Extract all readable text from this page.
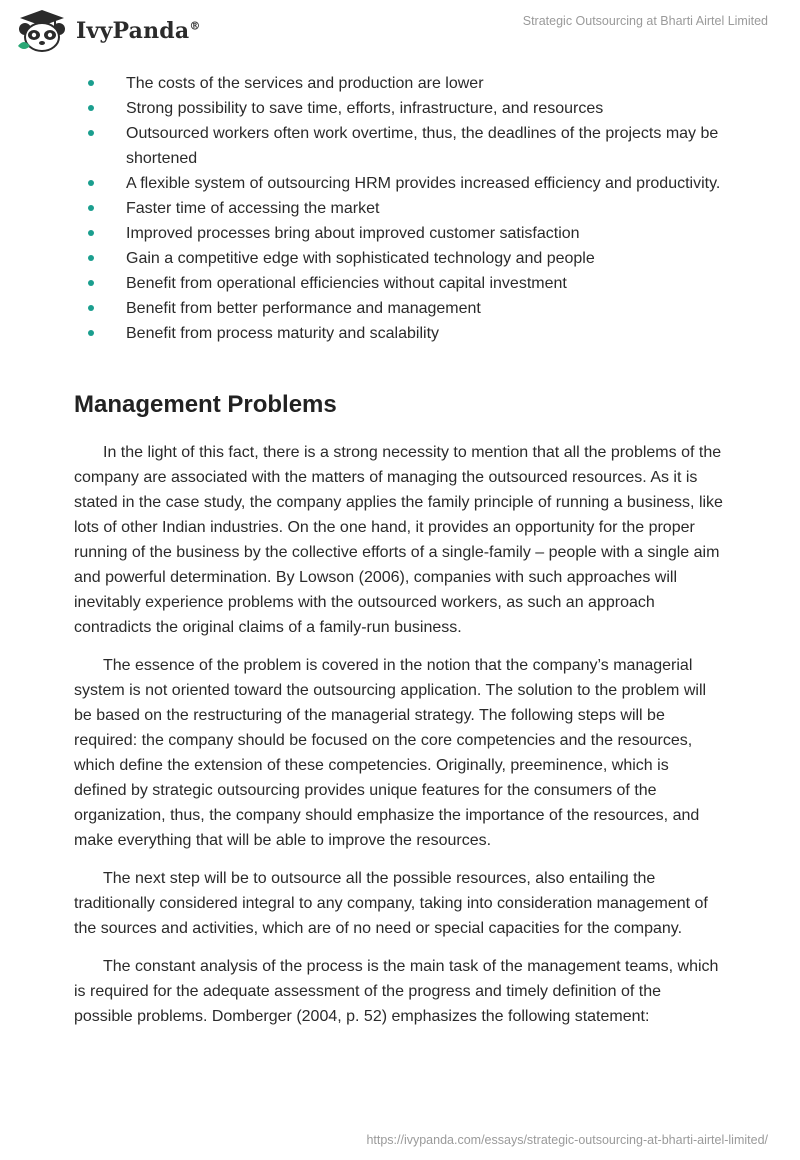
IvyPanda®	Strategic Outsourcing at Bharti Airtel Limited
The costs of the services and production are lower
Strong possibility to save time, efforts, infrastructure, and resources
Outsourced workers often work overtime, thus, the deadlines of the projects may be shortened
A flexible system of outsourcing HRM provides increased efficiency and productivity.
Faster time of accessing the market
Improved processes bring about improved customer satisfaction
Gain a competitive edge with sophisticated technology and people
Benefit from operational efficiencies without capital investment
Benefit from better performance and management
Benefit from process maturity and scalability
Management Problems

In the light of this fact, there is a strong necessity to mention that all the problems of the company are associated with the matters of managing the outsourced resources. As it is stated in the case study, the company applies the family principle of running a business, like lots of other Indian industries. On the one hand, it provides an opportunity for the proper running of the business by the collective efforts of a single-family – people with a single aim and powerful determination. By Lowson (2006), companies with such approaches will inevitably experience problems with the outsourced workers, as such an approach contradicts the original claims of a family-run business.

The essence of the problem is covered in the notion that the company’s managerial system is not oriented toward the outsourcing application. The solution to the problem will be based on the restructuring of the managerial strategy. The following steps will be required: the company should be focused on the core competencies and the resources, which define the extension of these competencies. Originally, preeminence, which is defined by strategic outsourcing provides unique features for the consumers of the organization, thus, the company should emphasize the importance of the resources, and make everything that will be able to improve the resources.

The next step will be to outsource all the possible resources, also entailing the traditionally considered integral to any company, taking into consideration management of the sources and activities, which are of no need or special capacities for the company.

The constant analysis of the process is the main task of the management teams, which is required for the adequate assessment of the progress and timely definition of the possible problems. Domberger (2004, p. 52) emphasizes the following statement:

https://ivypanda.com/essays/strategic-outsourcing-at-bharti-airtel-limited/
